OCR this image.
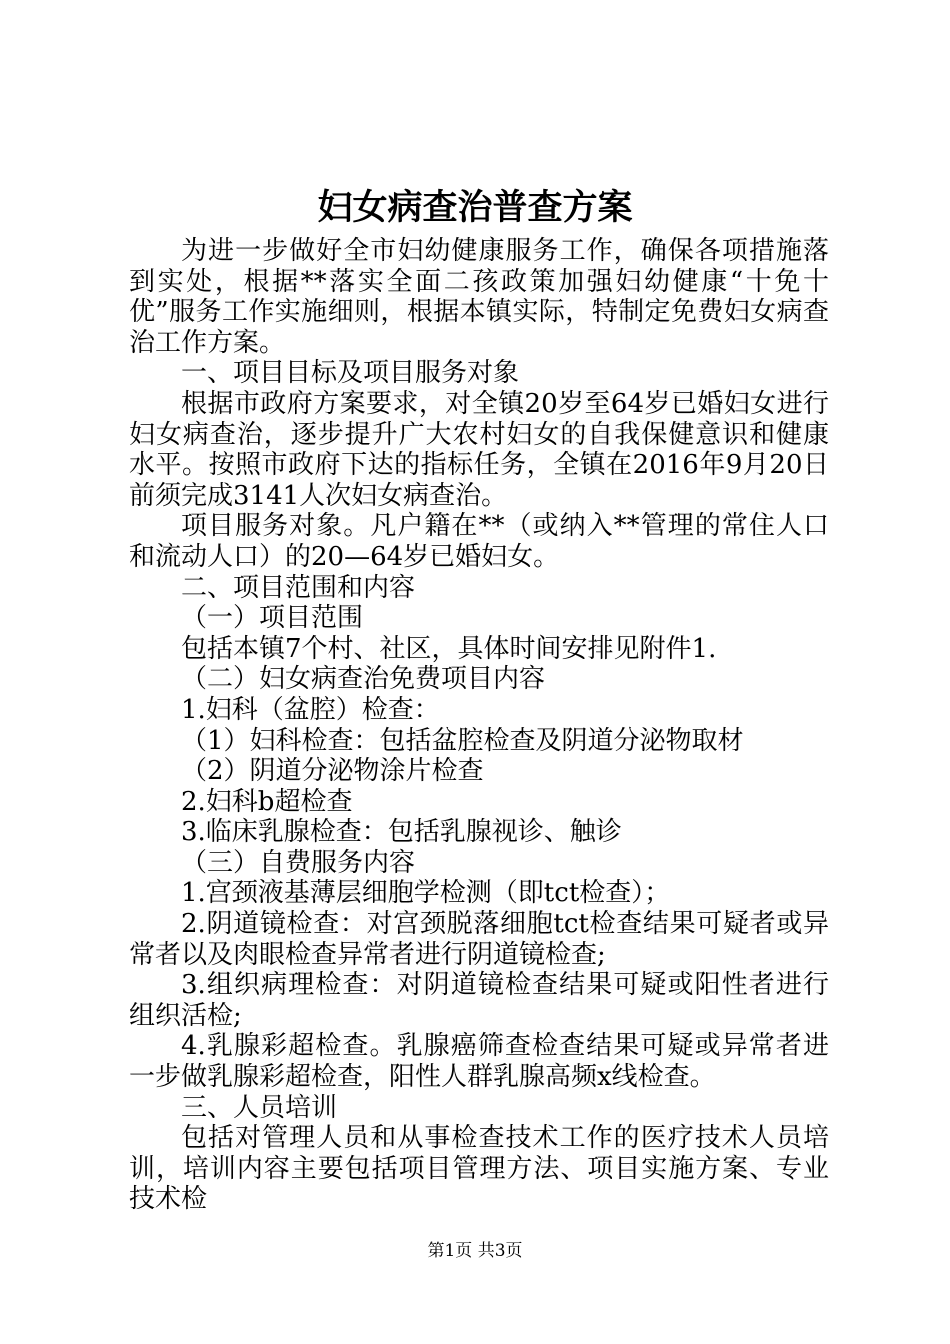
妇女病查治普查方案

为进一步做好全市妇幼健康服务工作，确保各项措施落到实处，根据**落实全面二孩政策加强妇幼健康“十免十优”服务工作实施细则，根据本镇实际，特制定免费妇女病查治工作方案。

一、项目目标及项目服务对象

根据市政府方案要求，对全镇20岁至64岁已婚妇女进行妇女病查治，逐步提升广大农村妇女的自我保健意识和健康水平。按照市政府下达的指标任务，全镇在2016年9月20日前须完成3141人次妇女病查治。

项目服务对象。凡户籍在**（或纳入**管理的常住人口和流动人口）的20—64岁已婚妇女。

二、项目范围和内容

（一）项目范围

包括本镇7个村、社区，具体时间安排见附件1.

（二）妇女病查治免费项目内容

1.妇科（盆腔）检查：

（1）妇科检查：包括盆腔检查及阴道分泌物取材

（2）阴道分泌物涂片检查

2.妇科b超检查

3.临床乳腺检查：包括乳腺视诊、触诊

（三）自费服务内容

1.宫颈液基薄层细胞学检测（即tct检查）；

2.阴道镜检查：对宫颈脱落细胞tct检查结果可疑者或异常者以及肉眼检查异常者进行阴道镜检查;

3.组织病理检查：对阴道镜检查结果可疑或阳性者进行组织活检;

4.乳腺彩超检查。乳腺癌筛查检查结果可疑或异常者进一步做乳腺彩超检查，阳性人群乳腺高频x线检查。

三、人员培训

包括对管理人员和从事检查技术工作的医疗技术人员培训，培训内容主要包括项目管理方法、项目实施方案、专业技术检

第1页 共3页
